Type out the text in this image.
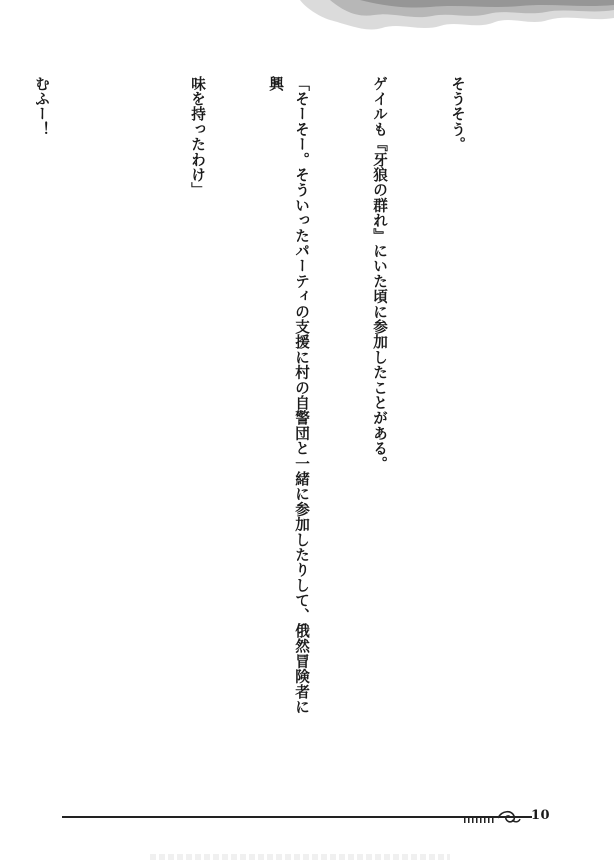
そうそう。

ゲイルも『牙狼の群れ』にいた頃に参加したことがある。

「そーそー。そういったパーティの支援に村の自警団と一緒に参加したりして、俄然冒険者に興

味を持ったわけ」

むふー！

10
